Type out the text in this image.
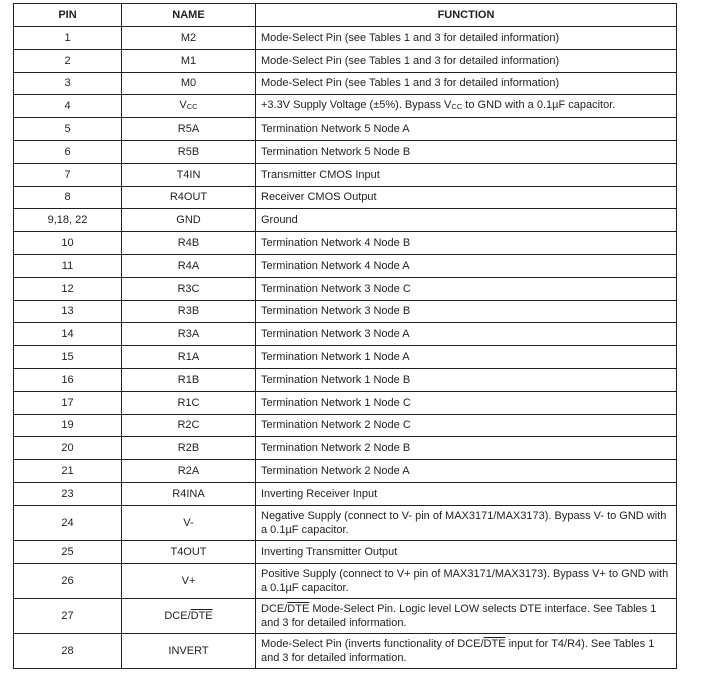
PIN	NAME	FUNCTION
1	M2	Mode-Select Pin (see Tables 1 and 3 for detailed information)
2	M1	Mode-Select Pin (see Tables 1 and 3 for detailed information)
3	M0	Mode-Select Pin (see Tables 1 and 3 for detailed information)
4	$V_{CC}$	+3.3V Supply Voltage (±5%). Bypass $V_{CC}$ to GND with a 0.1µF capacitor.
5	R5A	Termination Network 5 Node A
6	R5B	Termination Network 5 Node B
7	T4IN	Transmitter CMOS Input
8	R4OUT	Receiver CMOS Output
9,18, 22	GND	Ground
10	R4B	Termination Network 4 Node B
11	R4A	Termination Network 4 Node A
12	R3C	Termination Network 3 Node C
13	R3B	Termination Network 3 Node B
14	R3A	Termination Network 3 Node A
15	R1A	Termination Network 1 Node A
16	R1B	Termination Network 1 Node B
17	R1C	Termination Network 1 Node C
19	R2C	Termination Network 2 Node C
20	R2B	Termination Network 2 Node B
21	R2A	Termination Network 2 Node A
23	R4INA	Inverting Receiver Input
24	V-	Negative Supply (connect to V- pin of MAX3171/MAX3173). Bypass V- to GND with a 0.1µF capacitor.
25	T4OUT	Inverting Transmitter Output
26	V+	Positive Supply (connect to V+ pin of MAX3171/MAX3173). Bypass V+ to GND with a 0.1µF capacitor.
27	DCE/$\overline{DTE}$	DCE/$\overline{DTE}$ Mode-Select Pin. Logic level LOW selects DTE interface. See Tables 1 and 3 for detailed information.
28	INVERT	Mode-Select Pin (inverts functionality of DCE/$\overline{DTE}$ input for T4/R4). See Tables 1 and 3 for detailed information.
